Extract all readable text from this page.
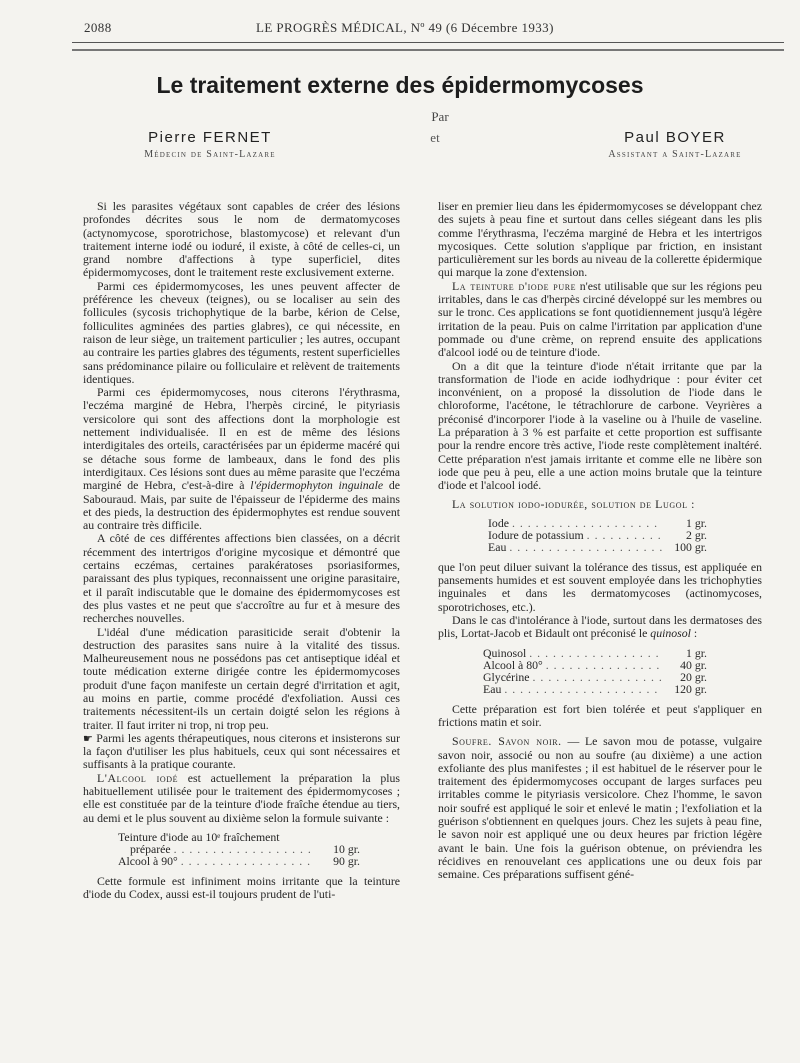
2088	LE PROGRÈS MÉDICAL, Nº 49 (6 Décembre 1933)
Le traitement externe des épidermomycoses
Par
et
Pierre FERNET
Médecin de Saint-Lazare
Paul BOYER
Assistant a Saint-Lazare

Si les parasites végétaux sont capables de créer des lésions profondes décrites sous le nom de dermatomycoses (actynomycose, sporotrichose, blastomycose) et relevant d'un traitement interne iodé ou ioduré, il existe, à côté de celles-ci, un grand nombre d'affections à type superficiel, dites épidermomycoses, dont le traitement reste exclusivement externe.

Parmi ces épidermomycoses, les unes peuvent affecter de préférence les cheveux (teignes), ou se localiser au sein des follicules (sycosis trichophytique de la barbe, kérion de Celse, folliculites agminées des parties glabres), ce qui nécessite, en raison de leur siège, un traitement particulier ; les autres, occupant au contraire les parties glabres des téguments, restent superficielles sans prédominance pilaire ou folliculaire et relèvent de traitements identiques.

Parmi ces épidermomycoses, nous citerons l'érythrasma, l'eczéma marginé de Hebra, l'herpès circiné, le pityriasis versicolore qui sont des affections dont la morphologie est nettement individualisée. Il en est de même des lésions interdigitales des orteils, caractérisées par un épiderme macéré qui se détache sous forme de lambeaux, dans le fond des plis interdigitaux. Ces lésions sont dues au même parasite que l'eczéma marginé de Hebra, c'est-à-dire à l'épidermophyton inguinale de Sabouraud. Mais, par suite de l'épaisseur de l'épiderme des mains et des pieds, la destruction des épidermophytes est rendue souvent au contraire très difficile.

A côté de ces différentes affections bien classées, on a décrit récemment des intertrigos d'origine mycosique et démontré que certains eczémas, certaines parakératoses psoriasiformes, paraissant des plus typiques, reconnaissent une origine parasitaire, et il paraît indiscutable que le domaine des épidermomycoses est des plus vastes et ne peut que s'accroître au fur et à mesure des recherches nouvelles.

L'idéal d'une médication parasiticide serait d'obtenir la destruction des parasites sans nuire à la vitalité des tissus. Malheureusement nous ne possédons pas cet antiseptique idéal et toute médication externe dirigée contre les épidermomycoses produit d'une façon manifeste un certain degré d'irritation et agit, au moins en partie, comme procédé d'exfoliation. Aussi ces traitements nécessitent-ils un certain doigté selon les régions à traiter. Il faut irriter ni trop, ni trop peu.

☛ Parmi les agents thérapeutiques, nous citerons et insisterons sur la façon d'utiliser les plus habituels, ceux qui sont nécessaires et suffisants à la pratique courante.

L'Alcool iodé est actuellement la préparation la plus habituellement utilisée pour le traitement des épidermomycoses ; elle est constituée par de la teinture d'iode fraîche étendue au tiers, au demi et le plus souvent au dixième selon la formule suivante :

Teinture d'iode au 10ᵉ fraîchement
préparée . . .	10 gr.
Alcool à 90° . . .	90 gr.

Cette formule est infiniment moins irritante que la teinture d'iode du Codex, aussi est-il toujours prudent de l'uti-

liser en premier lieu dans les épidermomycoses se développant chez des sujets à peau fine et surtout dans celles siégeant dans les plis comme l'érythrasma, l'eczéma marginé de Hebra et les intertrigos mycosiques. Cette solution s'applique par friction, en insistant particulièrement sur les bords au niveau de la collerette épidermique qui marque la zone d'extension.

La teinture d'iode pure n'est utilisable que sur les régions peu irritables, dans le cas d'herpès circiné développé sur les membres ou sur le tronc. Ces applications se font quotidiennement jusqu'à légère irritation de la peau. Puis on calme l'irritation par application d'une pommade ou d'une crème, on reprend ensuite des applications d'alcool iodé ou de teinture d'iode.

On a dit que la teinture d'iode n'était irritante que par la transformation de l'iode en acide iodhydrique : pour éviter cet inconvénient, on a proposé la dissolution de l'iode dans le chloroforme, l'acétone, le tétrachlorure de carbone. Veyrières a préconisé d'incorporer l'iode à la vaseline ou à l'huile de vaseline. La préparation à 3 % est parfaite et cette proportion est suffisante pour la rendre encore très active, l'iode reste complètement inaltéré. Cette préparation n'est jamais irritante et comme elle ne libère son iode que peu à peu, elle a une action moins brutale que la teinture d'iode et l'alcool iodé.

La solution iodo-iodurée, solution de Lugol :

Iode . . .	1 gr.
Iodure de potassium . . .	2 gr.
Eau . . .	100 gr.

que l'on peut diluer suivant la tolérance des tissus, est appliquée en pansements humides et est souvent employée dans les trichophyties inguinales et dans les dermatomycoses (actinomycoses, sporotrichoses, etc.).

Dans le cas d'intolérance à l'iode, surtout dans les dermatoses des plis, Lortat-Jacob et Bidault ont préconisé le quinosol :

Quinosol . . .	1 gr.
Alcool à 80° . . .	40 gr.
Glycérine . . .	20 gr.
Eau . . .	120 gr.

Cette préparation est fort bien tolérée et peut s'appliquer en frictions matin et soir.

Soufre. Savon noir. — Le savon mou de potasse, vulgaire savon noir, associé ou non au soufre (au dixième) a une action exfoliante des plus manifestes ; il est habituel de le réserver pour le traitement des épidermomycoses occupant de larges surfaces peu irritables comme le pityriasis versicolore. Chez l'homme, le savon noir soufré est appliqué le soir et enlevé le matin ; l'exfoliation et la guérison s'obtiennent en quelques jours. Chez les sujets à peau fine, le savon noir est appliqué une ou deux heures par friction légère avant le bain. Une fois la guérison obtenue, on préviendra les récidives en renouvelant ces applications une ou deux fois par semaine. Ces préparations suffisent géné-
